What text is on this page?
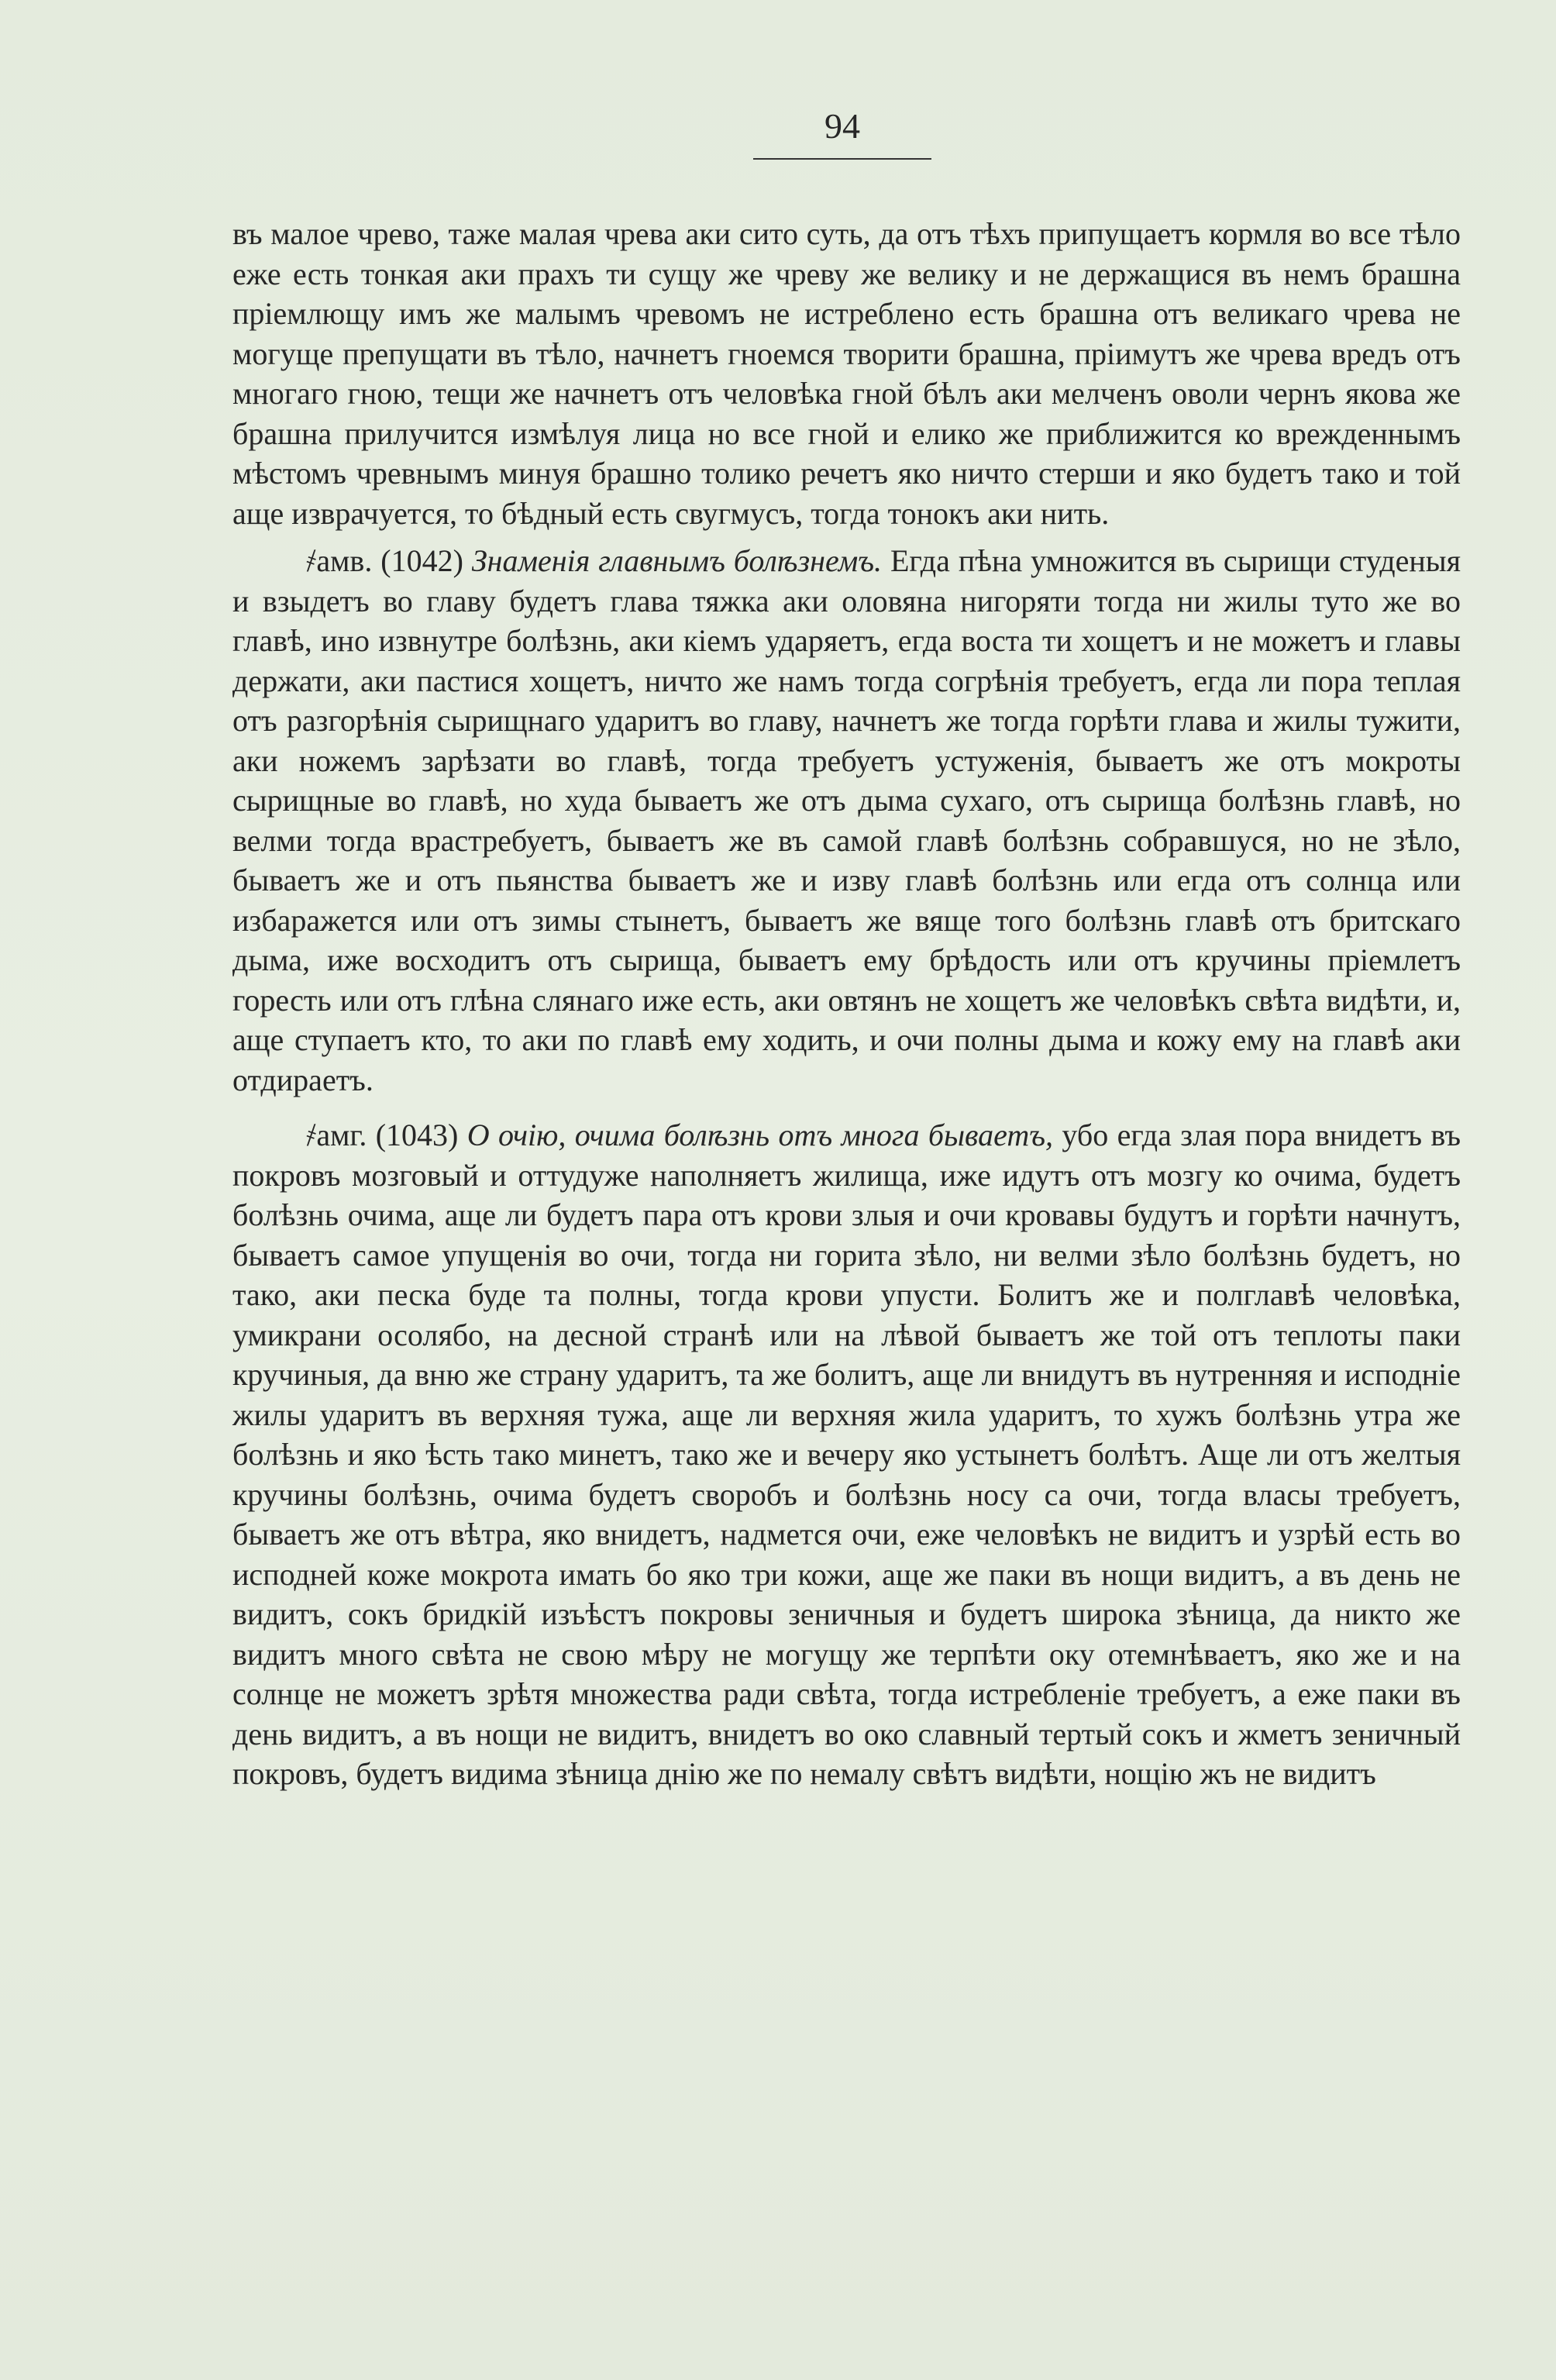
94

въ малое чрево, таже малая чрева аки сито суть, да отъ тѣхъ припущаетъ кормля во все тѣло еже есть тонкая аки прахъ ти сущу же чреву же велику и не держащися въ немъ брашна пріемлющу имъ же малымъ чревомъ не истреблено есть брашна отъ великаго чрева не могуще препущати въ тѣло, начнетъ гноемся творити брашна, пріимутъ же чрева вредъ отъ многаго гною, тещи же начнетъ отъ человѣка гной бѣлъ аки мелченъ оволи чернъ якова же брашна прилучится измѣлуя лица но все гной и елико же приближится ко врежденнымъ мѣстомъ чревнымъ минуя брашно толико речетъ яко ничто стерши и яко будетъ тако и той аще изврачуется, то бѣдный есть свугмусъ, тогда тонокъ аки нить.

҂амв. (1042) Знаменія главнымъ болѣзнемъ. Егда пѣна умножится въ сырищи студеныя и взыдетъ во главу будетъ глава тяжка аки оловяна нигоряти тогда ни жилы туто же во главѣ, ино извнутре болѣзнь, аки кіемъ ударяетъ, егда воста ти хощетъ и не можетъ и главы держати, аки пастися хощетъ, ничто же намъ тогда согрѣнія требуетъ, егда ли пора теплая отъ разгорѣнія сырищнаго ударитъ во главу, начнетъ же тогда горѣти глава и жилы тужити, аки ножемъ зарѣзати во главѣ, тогда требуетъ устуженія, бываетъ же отъ мокроты сырищные во главѣ, но худа бываетъ же отъ дыма сухаго, отъ сырища болѣзнь главѣ, но велми тогда врастребуетъ, бываетъ же въ самой главѣ болѣзнь собравшуся, но не зѣло, бываетъ же и отъ пьянства бываетъ же и изву главѣ болѣзнь или егда отъ солнца или избаражется или отъ зимы стынетъ, бываетъ же вяще того болѣзнь главѣ отъ бритскаго дыма, иже восходитъ отъ сырища, бываетъ ему брѣдость или отъ кручины пріемлетъ горесть или отъ глѣна слянаго иже есть, аки овтянъ не хощетъ же человѣкъ свѣта видѣти, и, аще ступаетъ кто, то аки по главѣ ему ходить, и очи полны дыма и кожу ему на главѣ аки отдираетъ.

҂амг. (1043) О очію, очима болѣзнь отъ многа бываетъ, убо егда злая пора внидетъ въ покровъ мозговый и оттудуже наполняетъ жилища, иже идутъ отъ мозгу ко очима, будетъ болѣзнь очима, аще ли будетъ пара отъ крови злыя и очи кровавы будутъ и горѣти начнутъ, бываетъ самое упущенія во очи, тогда ни горита зѣло, ни велми зѣло болѣзнь будетъ, но тако, аки песка буде та полны, тогда крови упусти. Болитъ же и полглавѣ человѣка, умикрани осолябо, на десной странѣ или на лѣвой бываетъ же той отъ теплоты паки кручиныя, да вню же страну ударитъ, та же болитъ, аще ли внидутъ въ нутренняя и исподніе жилы ударитъ въ верхняя тужа, аще ли верхняя жила ударитъ, то хужъ болѣзнь утра же болѣзнь и яко ѣсть тако минетъ, тако же и вечеру яко устынетъ болѣтъ. Аще ли отъ желтыя кручины болѣзнь, очима будетъ своробъ и болѣзнь носу са очи, тогда власы требуетъ, бываетъ же отъ вѣтра, яко внидетъ, надмется очи, еже человѣкъ не видитъ и узрѣй есть во исподней коже мокрота имать бо яко три кожи, аще же паки въ нощи видитъ, а въ день не видитъ, сокъ бридкій изъѣстъ покровы зеничныя и будетъ широка зѣница, да никто же видитъ много свѣта не свою мѣру не могущу же терпѣти оку отемнѣваетъ, яко же и на солнце не можетъ зрѣтя множества ради свѣта, тогда истребленіе требуетъ, а еже паки въ день видитъ, а въ нощи не видитъ, внидетъ во око славный тертый сокъ и жметъ зеничный покровъ, будетъ видима зѣница днію же по немалу свѣтъ видѣти, нощію жъ не видитъ
